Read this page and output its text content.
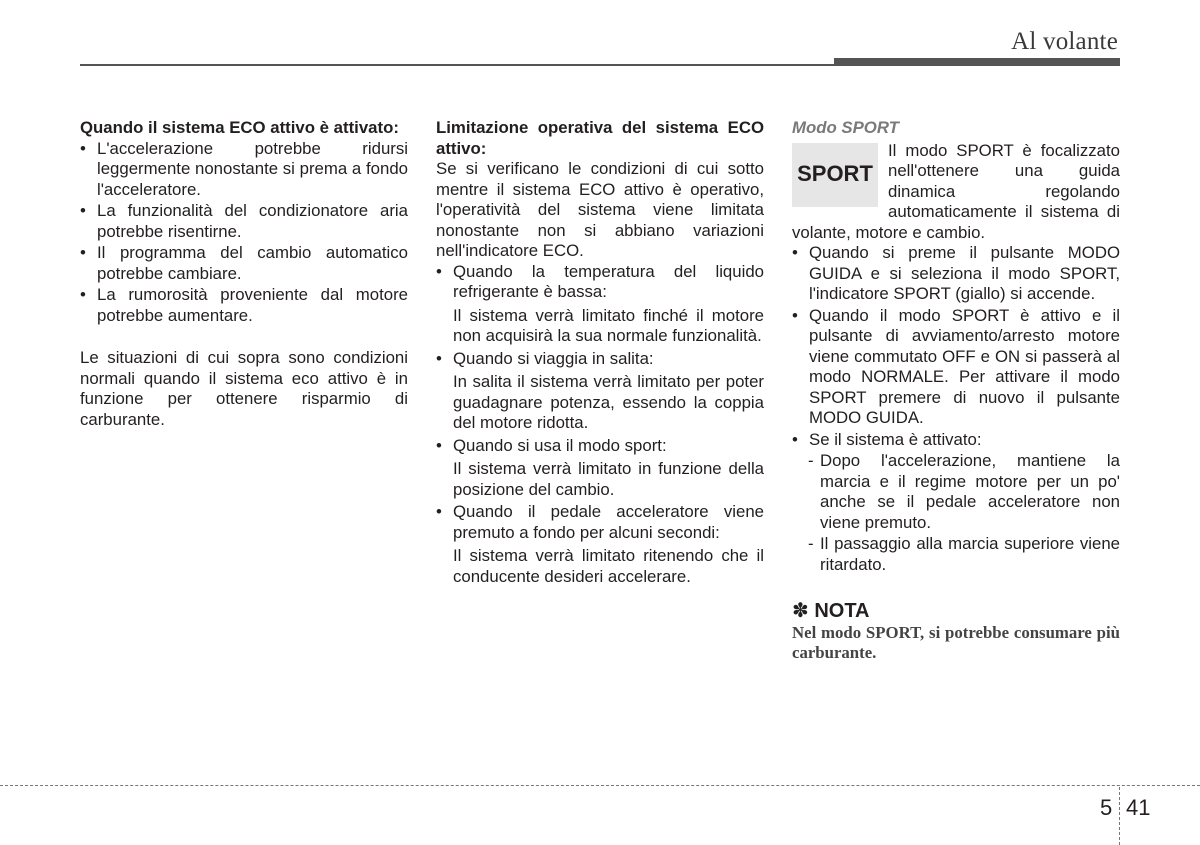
Al volante

Quando il sistema ECO attivo è attivato:

• L'accelerazione potrebbe ridursi leggermente nonostante si prema a fondo l'acceleratore.
• La funzionalità del condizionatore aria potrebbe risentirne.
• Il programma del cambio automatico potrebbe cambiare.
• La rumorosità proveniente dal motore potrebbe aumentare.

Le situazioni di cui sopra sono condizioni normali quando il sistema eco attivo è in funzione per ottenere risparmio di carburante.

Limitazione operativa del sistema ECO attivo:

Se si verificano le condizioni di cui sotto mentre il sistema ECO attivo è operativo, l'operatività del sistema viene limitata nonostante non si abbiano variazioni nell'indicatore ECO.

• Quando la temperatura del liquido refrigerante è bassa:
Il sistema verrà limitato finché il motore non acquisirà la sua normale funzionalità.
• Quando si viaggia in salita:
In salita il sistema verrà limitato per poter guadagnare potenza, essendo la coppia del motore ridotta.
• Quando si usa il modo sport:
Il sistema verrà limitato in funzione della posizione del cambio.
• Quando il pedale acceleratore viene premuto a fondo per alcuni secondi:
Il sistema verrà limitato ritenendo che il conducente desideri accelerare.
Modo SPORT
SPORT

Il modo SPORT è focalizzato nell'ottenere una guida dinamica regolando automaticamente il sistema di volante, motore e cambio.

• Quando si preme il pulsante MODO GUIDA e si seleziona il modo SPORT, l'indicatore SPORT (giallo) si accende.
• Quando il modo SPORT è attivo e il pulsante di avviamento/arresto motore viene commutato OFF e ON si passerà al modo NORMALE. Per attivare il modo SPORT premere di nuovo il pulsante MODO GUIDA.
• Se il sistema è attivato:
- Dopo l'accelerazione, mantiene la marcia e il regime motore per un po' anche se il pedale acceleratore non viene premuto.
- Il passaggio alla marcia superiore viene ritardato.
✽ NOTA
Nel modo SPORT, si potrebbe consumare più carburante.
5 41
